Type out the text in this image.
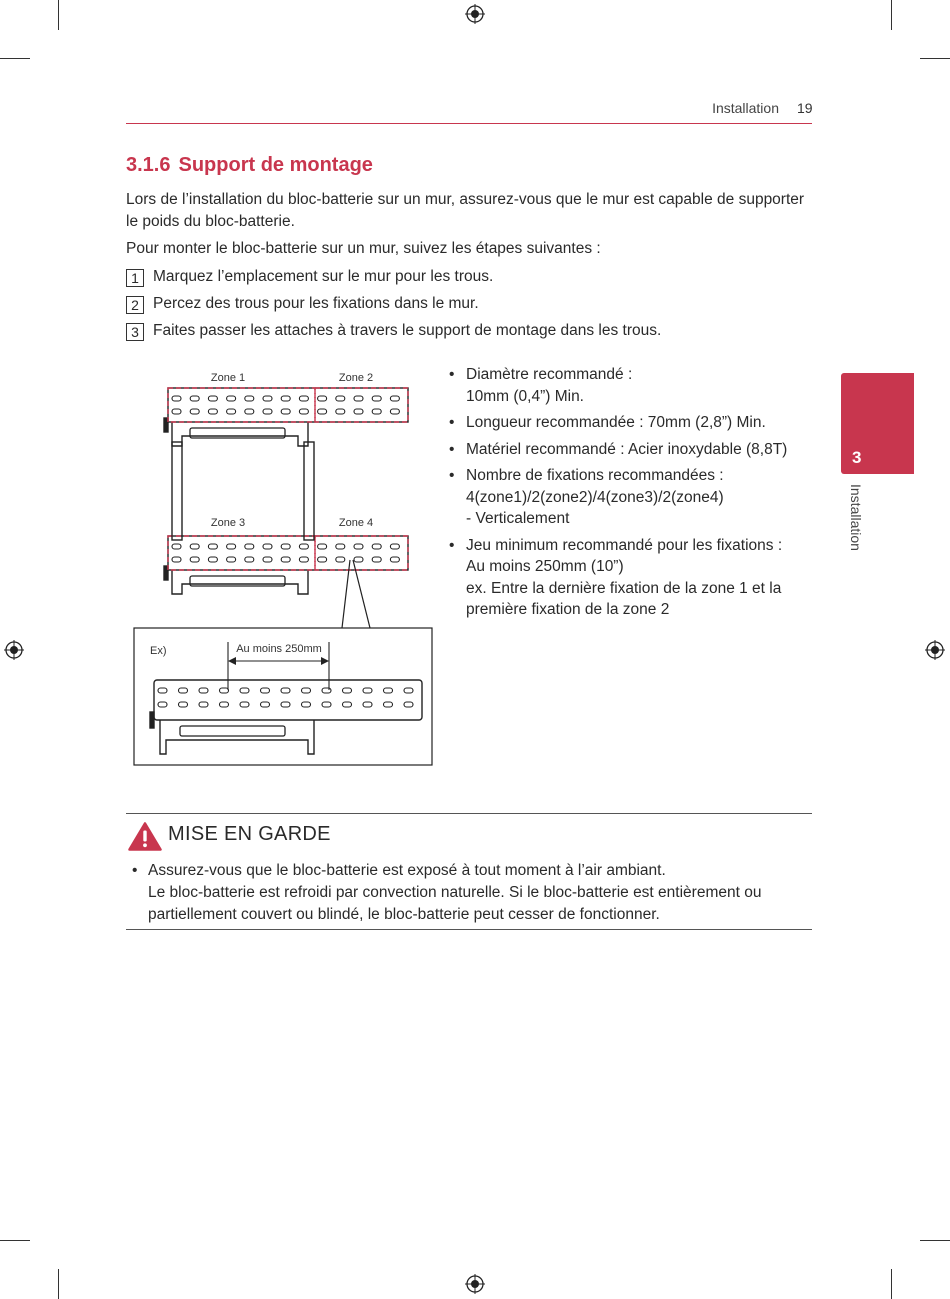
Installation 19
3.1.6 Support de montage
Lors de l’installation du bloc-batterie sur un mur, assurez-vous que le mur est capable de supporter le poids du bloc-batterie.
Pour monter le bloc-batterie sur un mur, suivez les étapes suivantes :
1 Marquez l’emplacement sur le mur pour les trous.
2 Percez des trous pour les fixations dans le mur.
3 Faites passer les attaches à travers le support de montage dans les trous.
Zone 1	Zone 2
Zone 3	Zone 4
Ex)	Au moins 250mm
• Diamètre recommandé :
10mm (0,4”) Min.
• Longueur recommandée : 70mm (2,8”) Min.
• Matériel recommandé : Acier inoxydable (8,8T)
• Nombre de fixations recommandées :
4(zone1)/2(zone2)/4(zone3)/2(zone4)
- Verticalement
• Jeu minimum recommandé pour les fixations :
Au moins 250mm (10”)
ex. Entre la dernière fixation de la zone 1 et la
première fixation de la zone 2
3
Installation
MISE EN GARDE
• Assurez-vous que le bloc-batterie est exposé à tout moment à l’air ambiant.
Le bloc-batterie est refroidi par convection naturelle. Si le bloc-batterie est entièrement ou
partiellement couvert ou blindé, le bloc-batterie peut cesser de fonctionner.
